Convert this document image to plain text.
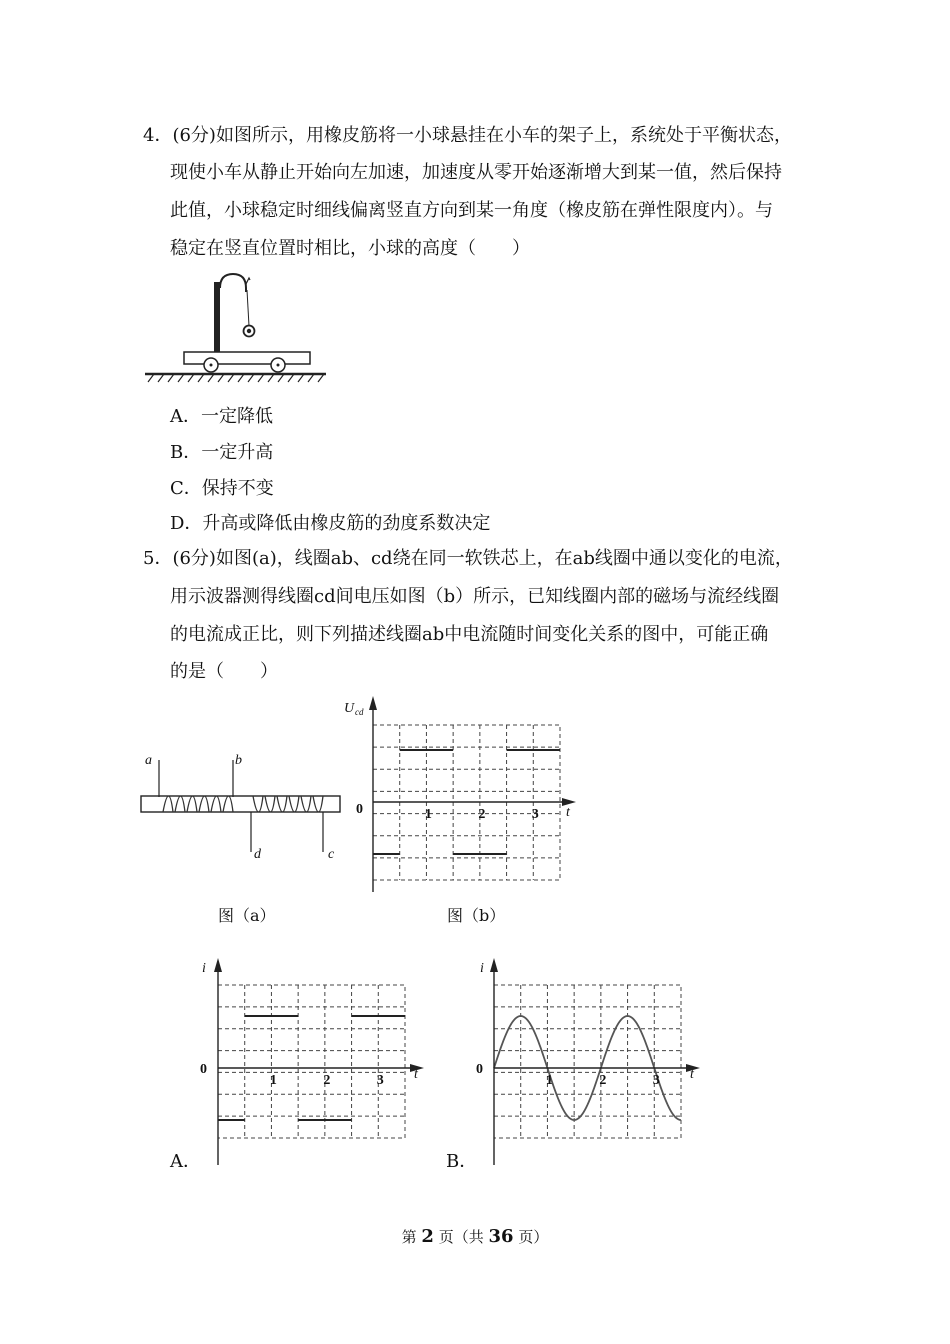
4．(6分)如图所示，用橡皮筋将一小球悬挂在小车的架子上，系统处于平衡状态，
现使小车从静止开始向左加速，加速度从零开始逐渐增大到某一值，然后保持
此值，小球稳定时细线偏离竖直方向到某一角度（橡皮筋在弹性限度内）。与
稳定在竖直位置时相比，小球的高度（　　）
A．一定降低
B．一定升高
C．保持不变
D．升高或降低由橡皮筋的劲度系数决定
5．(6分)如图(a)，线圈ab、cd绕在同一软铁芯上，在ab线圈中通以变化的电流，
用示波器测得线圈cd间电压如图（b）所示，已知线圈内部的磁场与流经线圈
的电流成正比，则下列描述线圈ab中电流随时间变化关系的图中，可能正确
的是（　　）
a	b
d	c
图（a）
U cd
t
0	1	2	3
图（b）
i
t
0
1	2	3
A．
i
t
0
1	2	3
B．
第 2 页（共 36 页）
